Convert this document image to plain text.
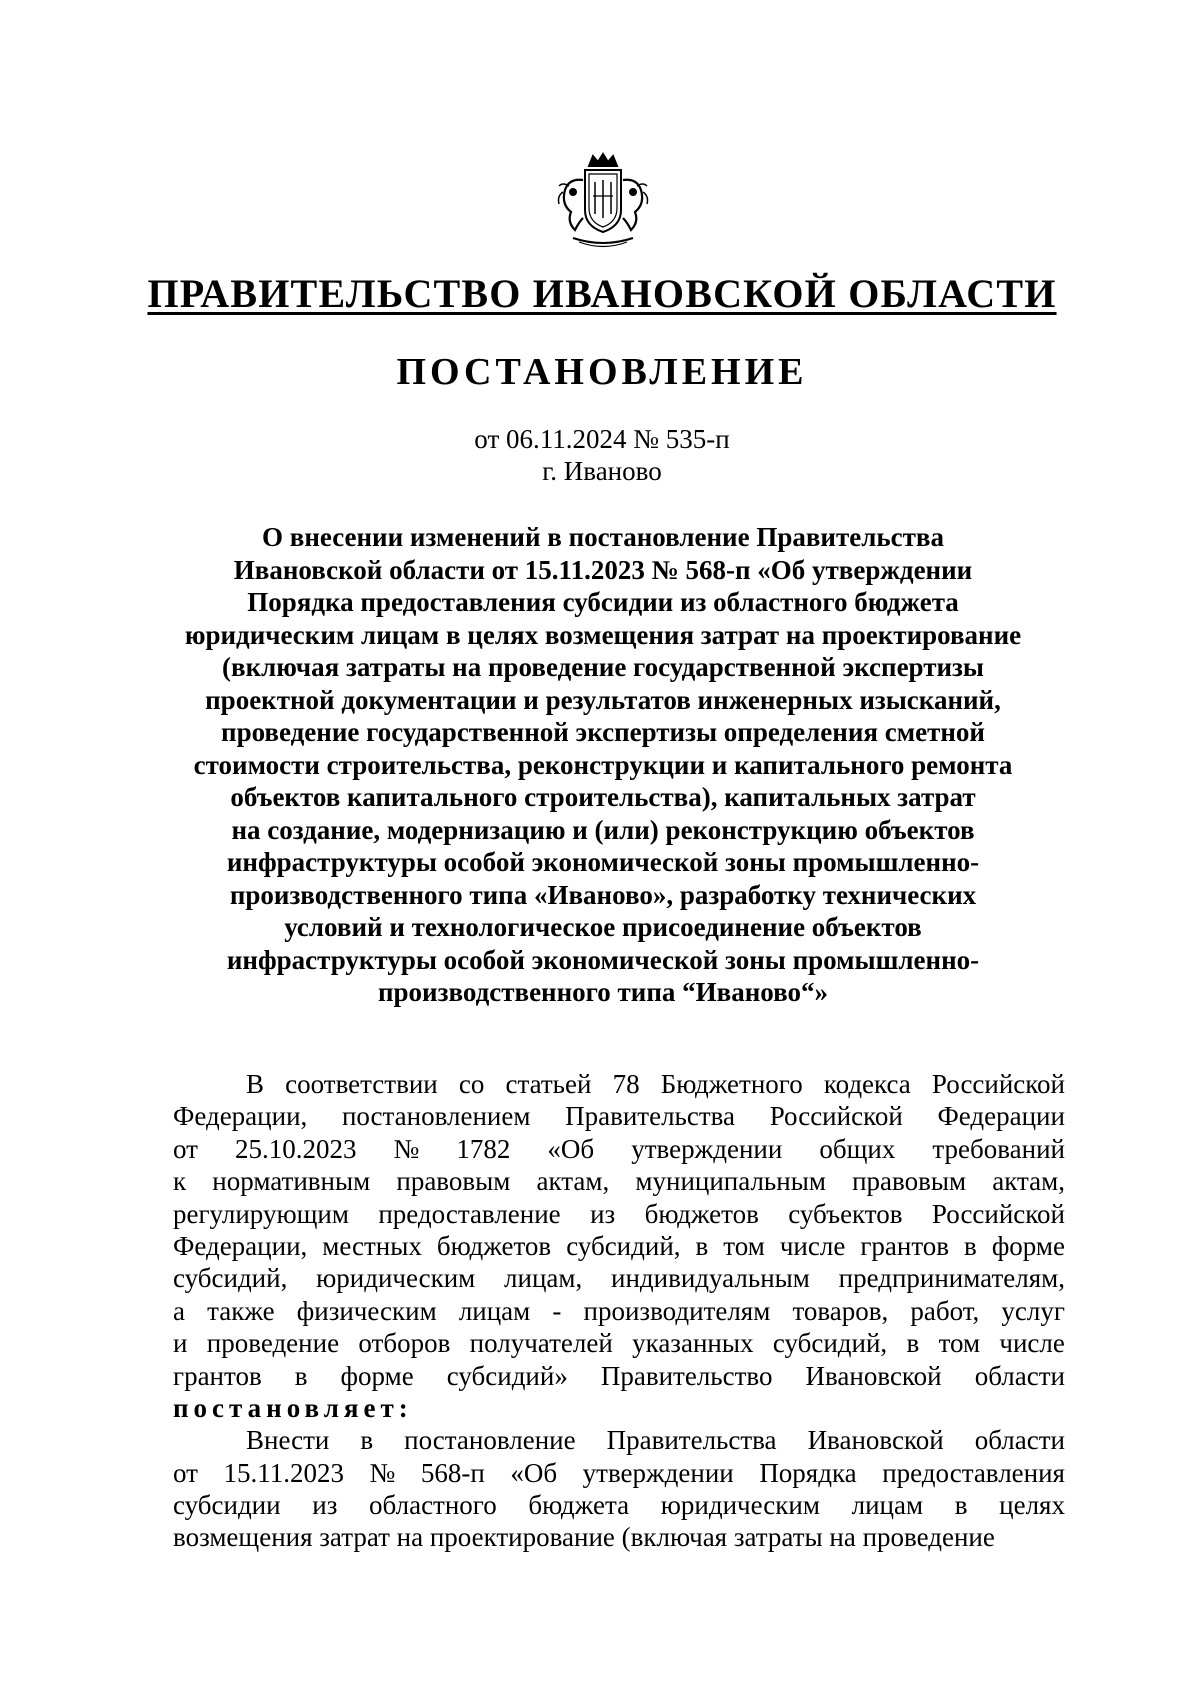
ПРАВИТЕЛЬСТВО ИВАНОВСКОЙ ОБЛАСТИ
ПОСТАНОВЛЕНИЕ
от 06.11.2024 № 535-п
г. Иваново
О внесении изменений в постановление Правительства
Ивановской области от 15.11.2023 № 568-п «Об утверждении
Порядка предоставления субсидии из областного бюджета
юридическим лицам в целях возмещения затрат на проектирование
(включая затраты на проведение государственной экспертизы
проектной документации и результатов инженерных изысканий,
проведение государственной экспертизы определения сметной
стоимости строительства, реконструкции и капитального ремонта
объектов капитального строительства), капитальных затрат
на создание, модернизацию и (или) реконструкцию объектов
инфраструктуры особой экономической зоны промышленно-
производственного типа «Иваново», разработку технических
условий и технологическое присоединение объектов
инфраструктуры особой экономической зоны промышленно-
производственного типа “Иваново“»
В соответствии со статьей 78 Бюджетного кодекса Российской
Федерации, постановлением Правительства Российской Федерации
от 25.10.2023 № 1782 «Об утверждении общих требований
к нормативным правовым актам, муниципальным правовым актам,
регулирующим предоставление из бюджетов субъектов Российской
Федерации, местных бюджетов субсидий, в том числе грантов в форме
субсидий, юридическим лицам, индивидуальным предпринимателям,
а также физическим лицам - производителям товаров, работ, услуг
и проведение отборов получателей указанных субсидий, в том числе
грантов в форме субсидий» Правительство Ивановской области
постановляет:
Внести в постановление Правительства Ивановской области
от 15.11.2023 № 568-п «Об утверждении Порядка предоставления
субсидии из областного бюджета юридическим лицам в целях
возмещения затрат на проектирование (включая затраты на проведение
